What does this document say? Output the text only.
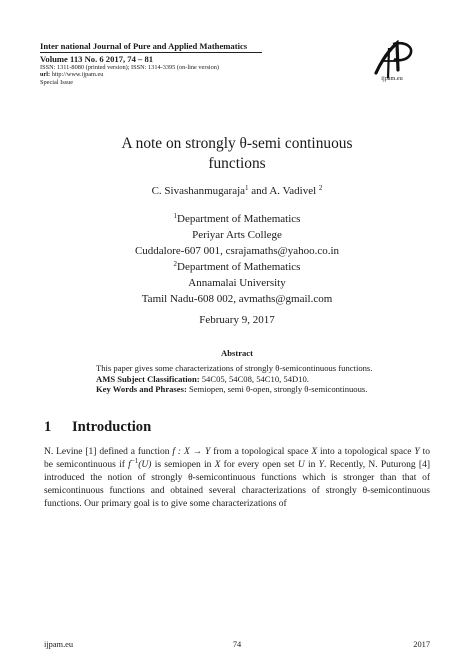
Inter national Journal of Pure and Applied Mathematics
Volume 113 No. 6 2017, 74 – 81
ISSN: 1311-8080 (printed version); ISSN: 1314-3395 (on-line version)
url: http://www.ijpam.eu
Special Issue
ijpam.eu
A note on strongly θ-semi continuous
functions
C. Sivashanmugaraja$^1$ and A. Vadivel $^2$
$^1$Department of Mathematics
Periyar Arts College
Cuddalore-607 001, csrajamaths@yahoo.co.in
$^2$Department of Mathematics
Annamalai University
Tamil Nadu-608 002, avmaths@gmail.com
February 9, 2017
Abstract

This paper gives some characterizations of strongly θ-semicontinuous functions.

AMS Subject Classification: 54C05, 54C08, 54C10, 54D10.

Key Words and Phrases: Semiopen, semi θ-open, strongly θ-semicontinuous.

1 Introduction

N. Levine [1] defined a function f : X → Y from a topological space X into a topological space Y to be semicontinuous if $f^{-1}(U)$ is semiopen in X for every open set U in Y. Recently, N. Puturong [4] introduced the notion of strongly θ-semicontinuous functions which is stronger than that of semicontinuous functions and obtained several characterizations of strongly θ-semicontinuous functions. Our primary goal is to give some characterizations of

ijpam.eu	74	2017
